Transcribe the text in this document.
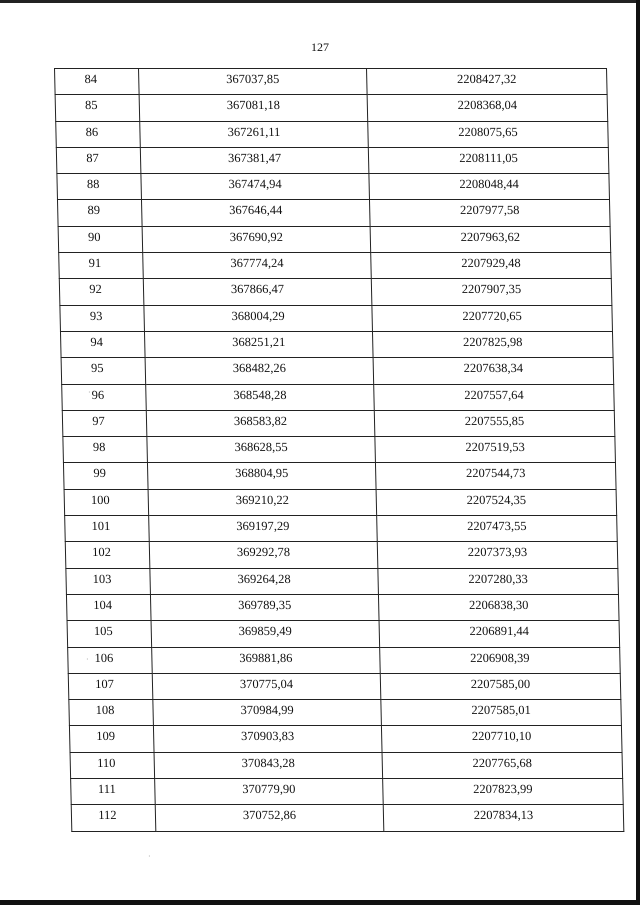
127
84	367037,85	2208427,32
85	367081,18	2208368,04
86	367261,11	2208075,65
87	367381,47	2208111,05
88	367474,94	2208048,44
89	367646,44	2207977,58
90	367690,92	2207963,62
91	367774,24	2207929,48
92	367866,47	2207907,35
93	368004,29	2207720,65
94	368251,21	2207825,98
95	368482,26	2207638,34
96	368548,28	2207557,64
97	368583,82	2207555,85
98	368628,55	2207519,53
99	368804,95	2207544,73
100	369210,22	2207524,35
101	369197,29	2207473,55
102	369292,78	2207373,93
103	369264,28	2207280,33
104	369789,35	2206838,30
105	369859,49	2206891,44
106	369881,86	2206908,39
107	370775,04	2207585,00
108	370984,99	2207585,01
109	370903,83	2207710,10
110	370843,28	2207765,68
111	370779,90	2207823,99
112	370752,86	2207834,13
·
·
·
